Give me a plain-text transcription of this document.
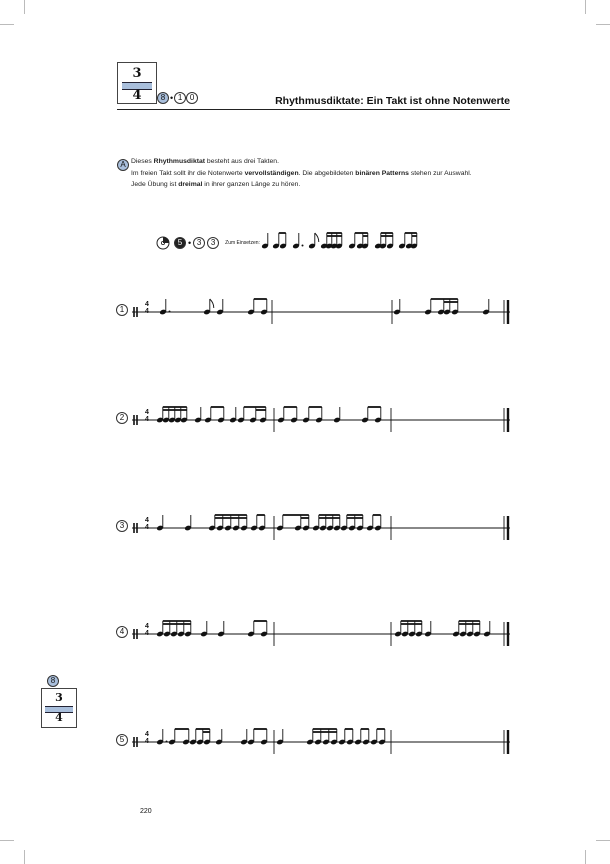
3
4	8 • 1 0	Rhythmusdiktate: Ein Takt ist ohne Notenwerte
A Dieses Rhythmusdiktat besteht aus drei Takten.
Im freien Takt sollt ihr die Notenwerte vervollständigen. Die abgebildeten binären Patterns stehen zur Auswahl.
Jede Übung ist dreimal in ihrer ganzen Länge zu hören.
5 • 3	3	Zum Einsetzen:
1
2
3
4
5
4
4
4
4
4
4
4
4
4
4
8
3
4
220
